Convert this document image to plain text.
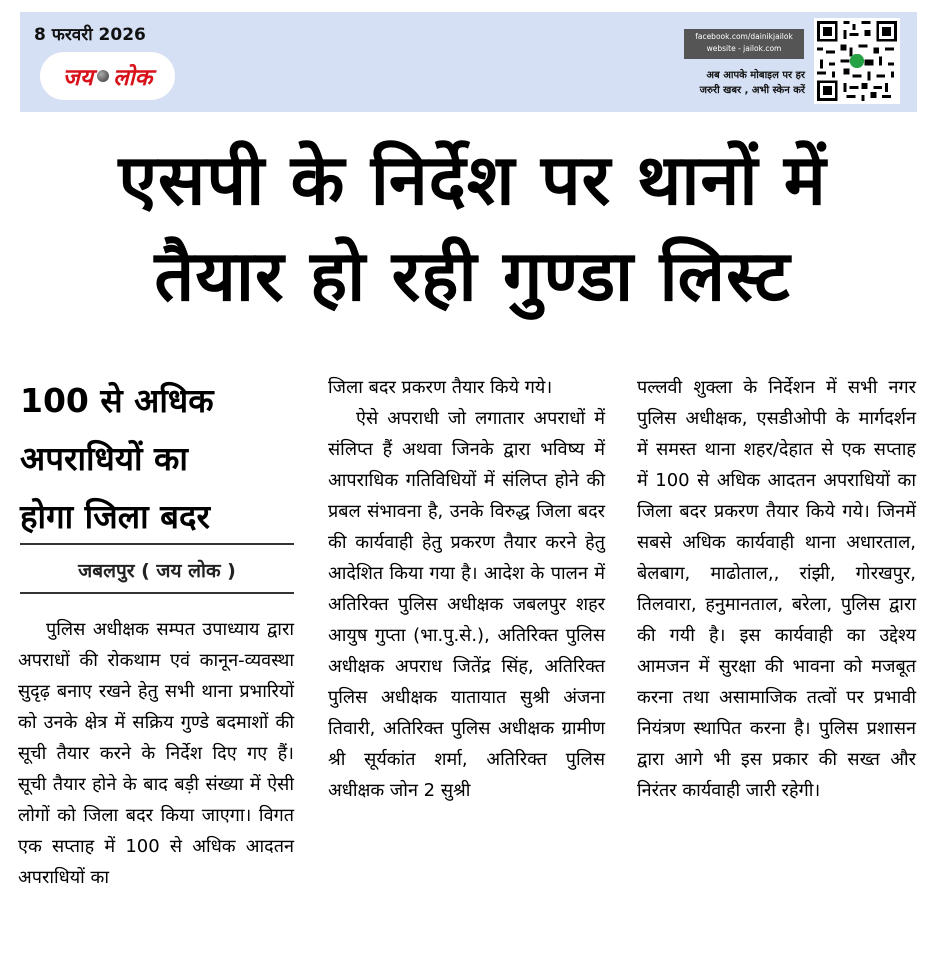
8 फरवरी 2026
जय लोक
facebook.com/dainikjailok
website - jailok.com
अब आपके मोबाइल पर हर
जरुरी खबर , अभी स्केन करें
एसपी के निर्देश पर थानों में
तैयार हो रही गुण्डा लिस्ट
100 से अधिक
अपराधियों का
होगा जिला बदर
जबलपुर ( जय लोक )

पुलिस अधीक्षक सम्पत उपाध्याय द्वारा अपराधों की रोकथाम एवं कानून-व्यवस्था सुदृढ़ बनाए रखने हेतु सभी थाना प्रभारियों को उनके क्षेत्र में सक्रिय गुण्डे बदमाशों की सूची तैयार करने के निर्देश दिए गए हैं। सूची तैयार होने के बाद बड़ी संख्या में ऐसी लोगों को जिला बदर किया जाएगा। विगत एक सप्ताह में 100 से अधिक आदतन अपराधियों का

जिला बदर प्रकरण तैयार किये गये।

ऐसे अपराधी जो लगातार अपराधों में संलिप्त हैं अथवा जिनके द्वारा भविष्य में आपराधिक गतिविधियों में संलिप्त होने की प्रबल संभावना है, उनके विरुद्ध जिला बदर की कार्यवाही हेतु प्रकरण तैयार करने हेतु आदेशित किया गया है। आदेश के पालन में अतिरिक्त पुलिस अधीक्षक जबलपुर शहर आयुष गुप्ता (भा.पु.से.), अतिरिक्त पुलिस अधीक्षक अपराध जितेंद्र सिंह, अतिरिक्त पुलिस अधीक्षक यातायात सुश्री अंजना तिवारी, अतिरिक्त पुलिस अधीक्षक ग्रामीण श्री सूर्यकांत शर्मा, अतिरिक्त पुलिस अधीक्षक जोन 2 सुश्री

पल्लवी शुक्ला के निर्देशन में सभी नगर पुलिस अधीक्षक, एसडीओपी के मार्गदर्शन में समस्त थाना शहर/देहात से एक सप्ताह में 100 से अधिक आदतन अपराधियों का जिला बदर प्रकरण तैयार किये गये। जिनमें सबसे अधिक कार्यवाही थाना अधारताल, बेलबाग, माढोताल,, रांझी, गोरखपुर, तिलवारा, हनुमानताल, बरेला, पुलिस द्वारा की गयी है। इस कार्यवाही का उद्देश्य आमजन में सुरक्षा की भावना को मजबूत करना तथा असामाजिक तत्वों पर प्रभावी नियंत्रण स्थापित करना है। पुलिस प्रशासन द्वारा आगे भी इस प्रकार की सख्त और निरंतर कार्यवाही जारी रहेगी।
